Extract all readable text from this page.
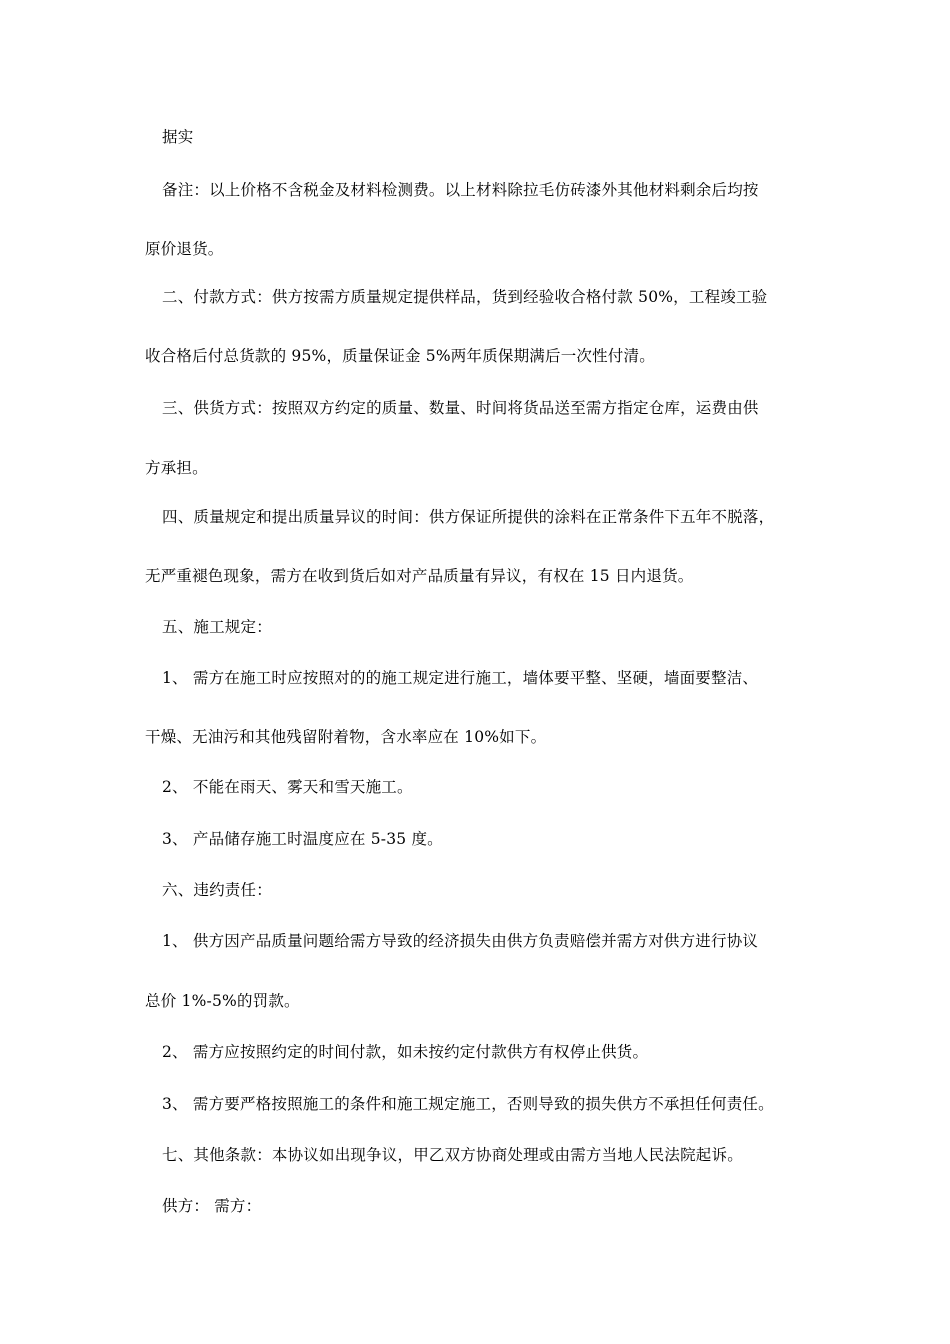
据实
备注：以上价格不含税金及材料检测费。以上材料除拉毛仿砖漆外其他材料剩余后均按
原价退货。
二、付款方式：供方按需方质量规定提供样品，货到经验收合格付款 50%，工程竣工验
收合格后付总货款的 95%，质量保证金 5%两年质保期满后一次性付清。
三、供货方式：按照双方约定的质量、数量、时间将货品送至需方指定仓库，运费由供
方承担。
四、质量规定和提出质量异议的时间：供方保证所提供的涂料在正常条件下五年不脱落，
无严重褪色现象，需方在收到货后如对产品质量有异议，有权在 15 日内退货。
五、施工规定：
1、 需方在施工时应按照对的的施工规定进行施工，墙体要平整、坚硬，墙面要整洁、
干燥、无油污和其他残留附着物，含水率应在 10%如下。
2、 不能在雨天、雾天和雪天施工。
3、 产品储存施工时温度应在 5-35 度。
六、违约责任：
1、 供方因产品质量问题给需方导致的经济损失由供方负责赔偿并需方对供方进行协议
总价 1%-5%的罚款。
2、 需方应按照约定的时间付款，如未按约定付款供方有权停止供货。
3、 需方要严格按照施工的条件和施工规定施工，否则导致的损失供方不承担任何责任。
七、其他条款：本协议如出现争议，甲乙双方协商处理或由需方当地人民法院起诉。
供方： 需方：
